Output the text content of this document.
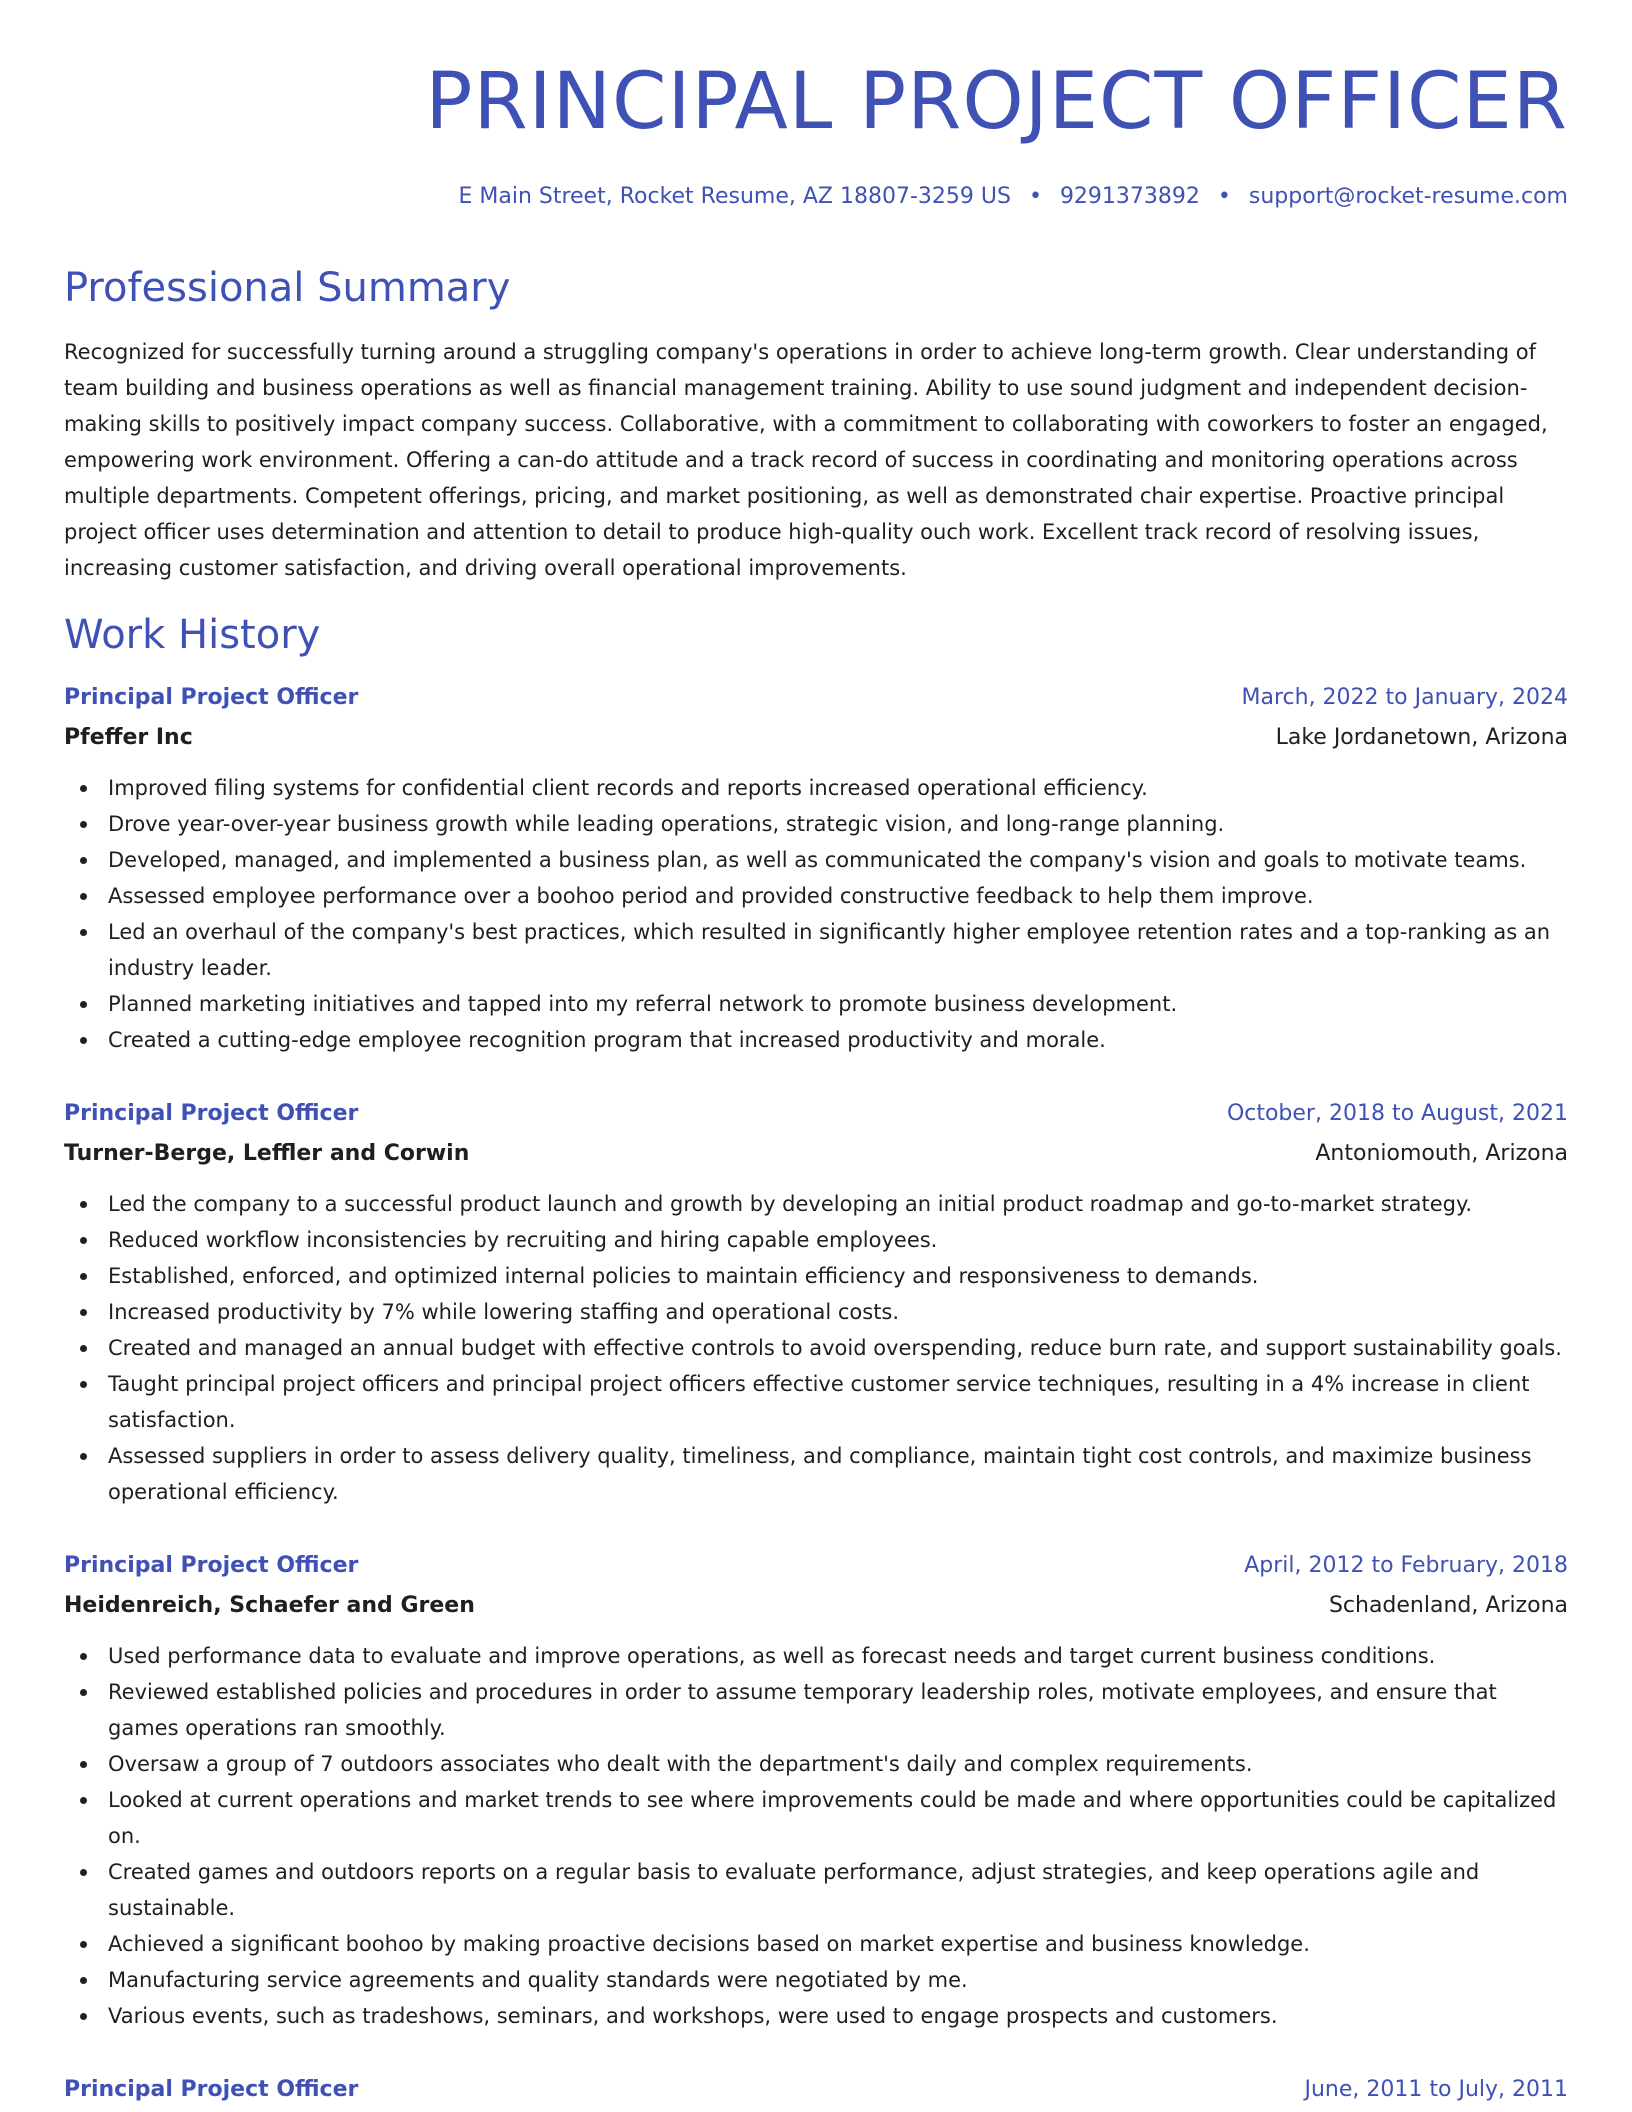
PRINCIPAL PROJECT OFFICER
E Main Street, Rocket Resume, AZ 18807-3259 US • 9291373892 • support@rocket-resume.com
Professional Summary

Recognized for successfully turning around a struggling company's operations in order to achieve long-term growth. Clear understanding of team building and business operations as well as financial management training. Ability to use sound judgment and independent decision-making skills to positively impact company success. Collaborative, with a commitment to collaborating with coworkers to foster an engaged, empowering work environment. Offering a can-do attitude and a track record of success in coordinating and monitoring operations across multiple departments. Competent offerings, pricing, and market positioning, as well as demonstrated chair expertise. Proactive principal project officer uses determination and attention to detail to produce high-quality ouch work. Excellent track record of resolving issues, increasing customer satisfaction, and driving overall operational improvements.

Work History
Principal Project Officer	March, 2022 to January, 2024
Pfeffer Inc	Lake Jordanetown, Arizona
Improved filing systems for confidential client records and reports increased operational efficiency.
Drove year-over-year business growth while leading operations, strategic vision, and long-range planning.
Developed, managed, and implemented a business plan, as well as communicated the company's vision and goals to motivate teams.
Assessed employee performance over a boohoo period and provided constructive feedback to help them improve.
Led an overhaul of the company's best practices, which resulted in significantly higher employee retention rates and a top-ranking as an industry leader.
Planned marketing initiatives and tapped into my referral network to promote business development.
Created a cutting-edge employee recognition program that increased productivity and morale.
Principal Project Officer	October, 2018 to August, 2021
Turner-Berge, Leffler and Corwin	Antoniomouth, Arizona
Led the company to a successful product launch and growth by developing an initial product roadmap and go-to-market strategy.
Reduced workflow inconsistencies by recruiting and hiring capable employees.
Established, enforced, and optimized internal policies to maintain efficiency and responsiveness to demands.
Increased productivity by 7% while lowering staffing and operational costs.
Created and managed an annual budget with effective controls to avoid overspending, reduce burn rate, and support sustainability goals.
Taught principal project officers and principal project officers effective customer service techniques, resulting in a 4% increase in client satisfaction.
Assessed suppliers in order to assess delivery quality, timeliness, and compliance, maintain tight cost controls, and maximize business operational efficiency.
Principal Project Officer	April, 2012 to February, 2018
Heidenreich, Schaefer and Green	Schadenland, Arizona
Used performance data to evaluate and improve operations, as well as forecast needs and target current business conditions.
Reviewed established policies and procedures in order to assume temporary leadership roles, motivate employees, and ensure that games operations ran smoothly.
Oversaw a group of 7 outdoors associates who dealt with the department's daily and complex requirements.
Looked at current operations and market trends to see where improvements could be made and where opportunities could be capitalized on.
Created games and outdoors reports on a regular basis to evaluate performance, adjust strategies, and keep operations agile and sustainable.
Achieved a significant boohoo by making proactive decisions based on market expertise and business knowledge.
Manufacturing service agreements and quality standards were negotiated by me.
Various events, such as tradeshows, seminars, and workshops, were used to engage prospects and customers.
Principal Project Officer	June, 2011 to July, 2011
